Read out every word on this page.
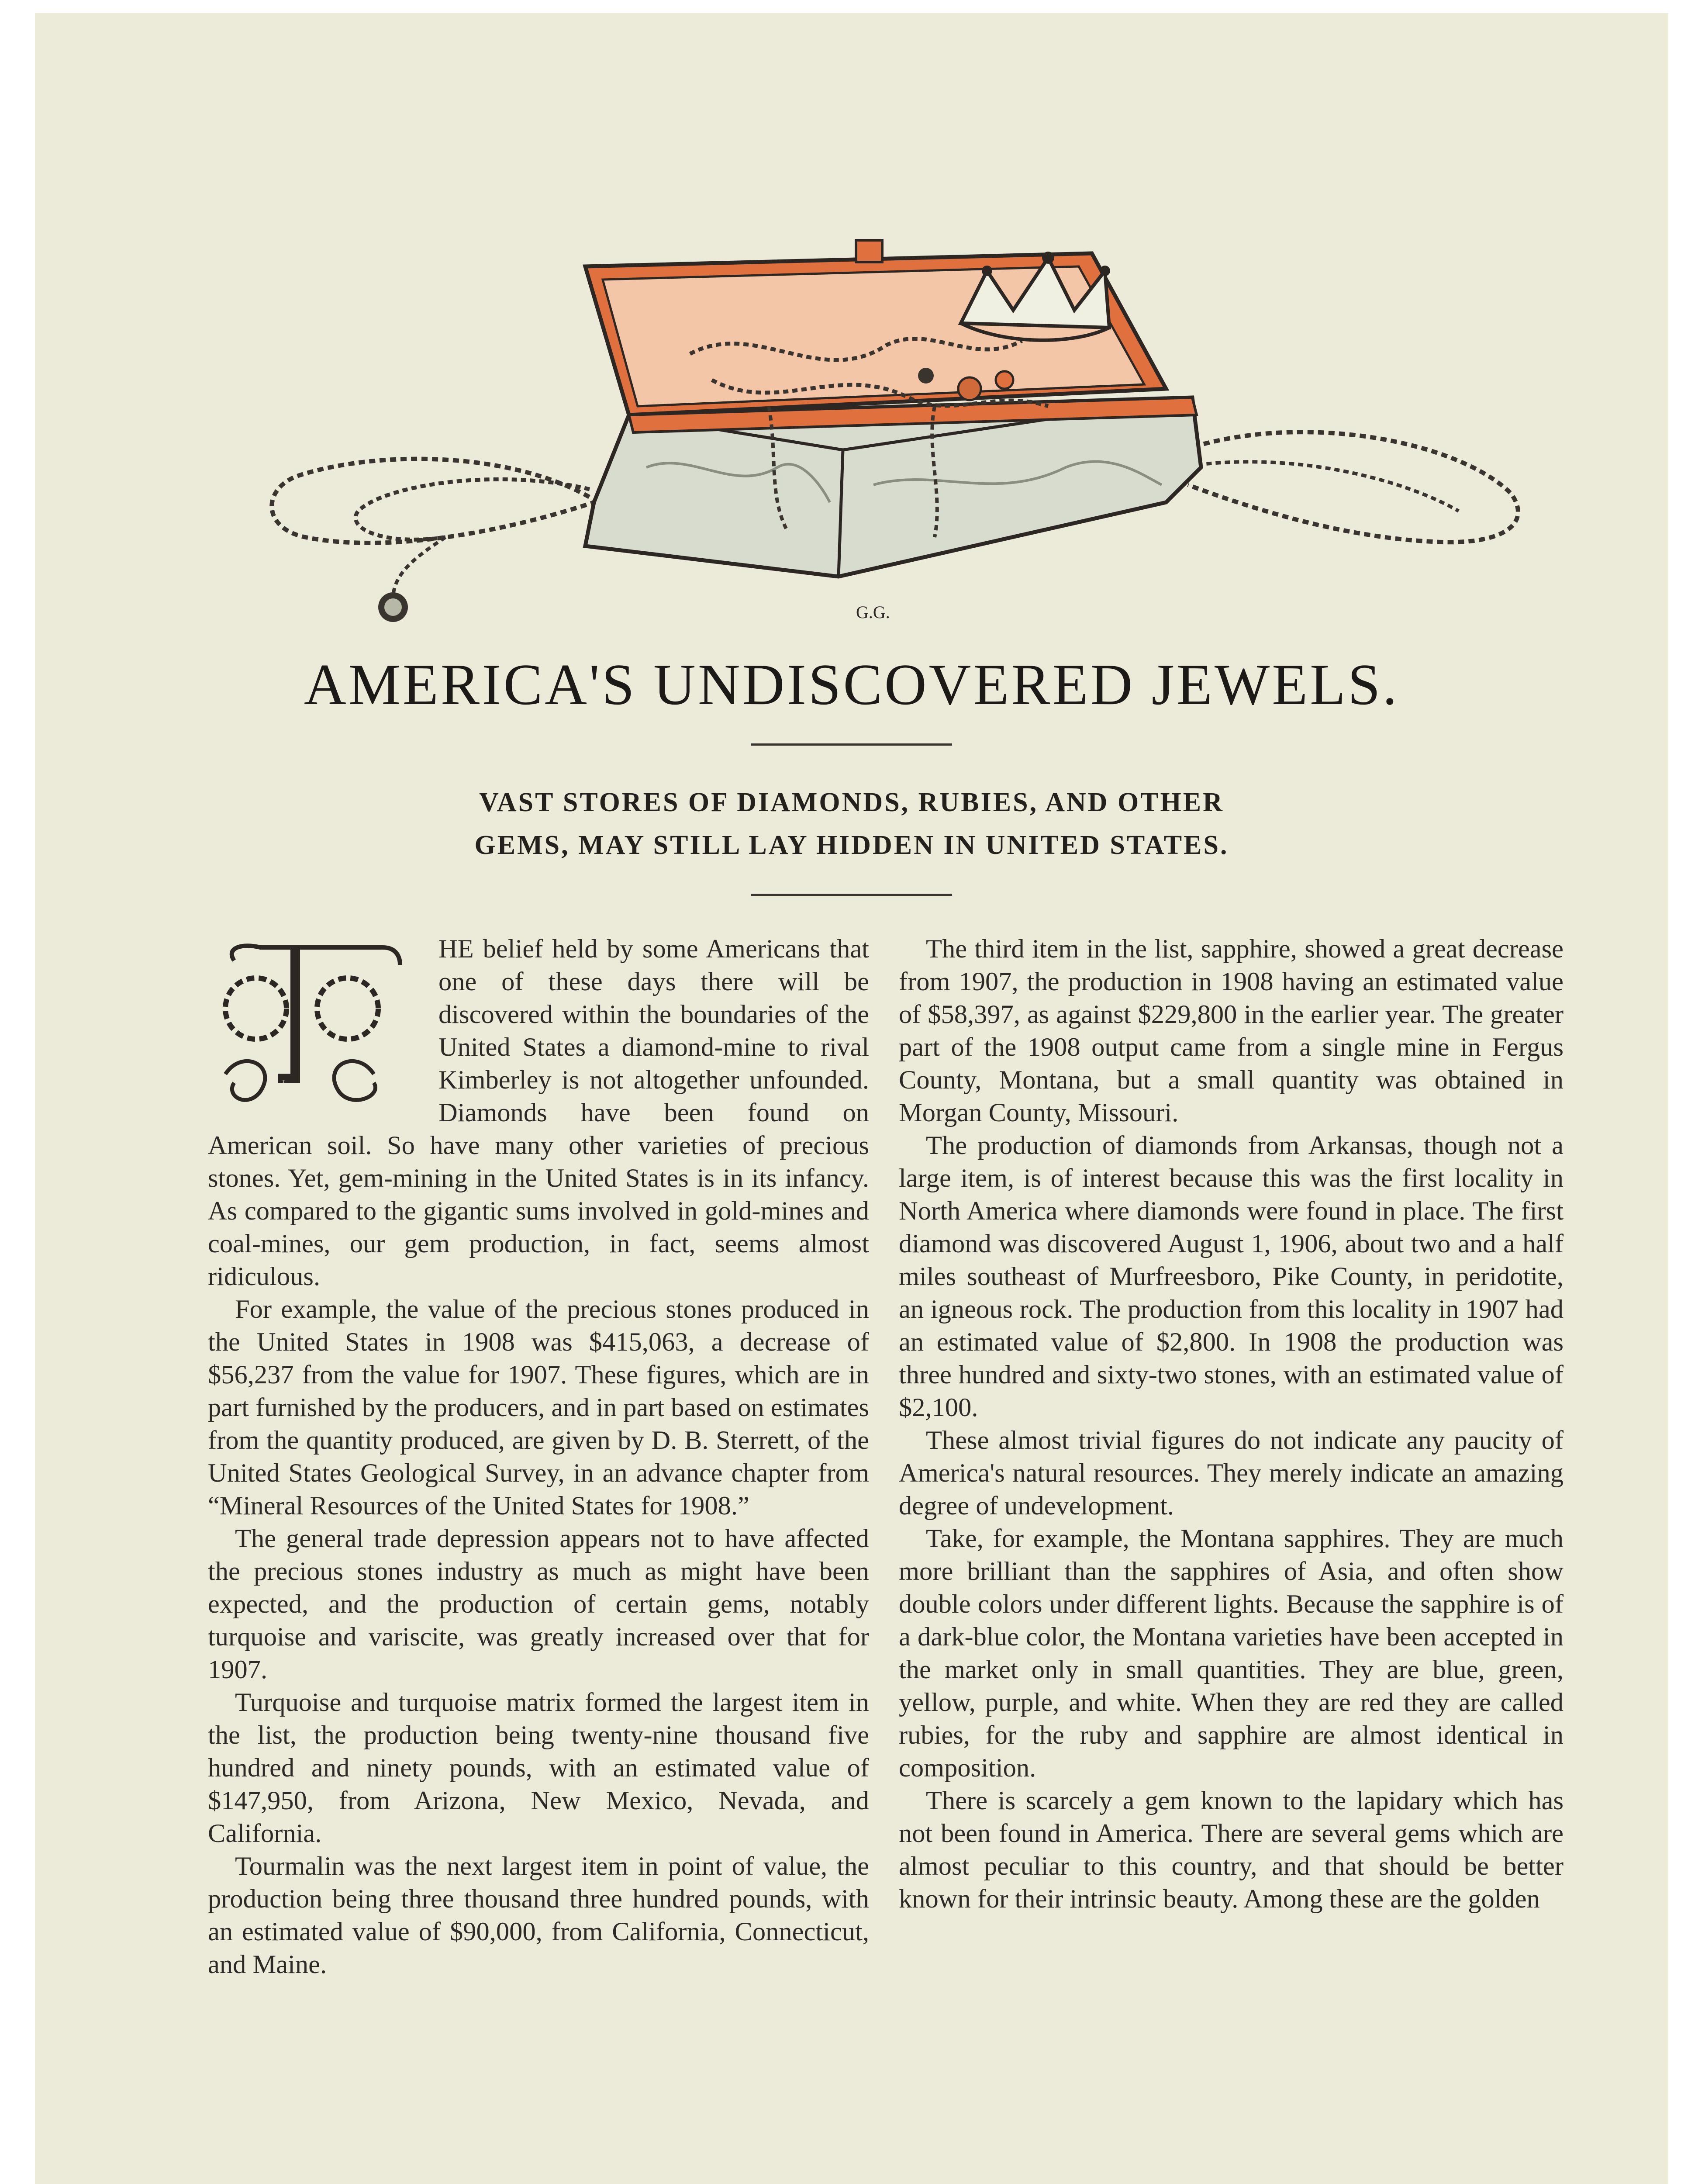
G.G.
AMERICA'S UNDISCOVERED JEWELS.
VAST STORES OF DIAMONDS, RUBIES, AND OTHER
GEMS, MAY STILL LAY HIDDEN IN UNITED STATES.
T

HE belief held by some Americans that one of these days there will be discovered within the boundaries of the United States a diamond-mine to rival Kimberley is not altogether unfounded. Diamonds have been found on American soil. So have many other varieties of precious stones. Yet, gem-mining in the United States is in its infancy. As compared to the gigantic sums involved in gold-mines and coal-mines, our gem production, in fact, seems almost ridiculous.

For example, the value of the precious stones produced in the United States in 1908 was $415,063, a decrease of $56,237 from the value for 1907. These figures, which are in part furnished by the producers, and in part based on estimates from the quantity produced, are given by D. B. Sterrett, of the United States Geological Survey, in an advance chapter from “Mineral Resources of the United States for 1908.”

The general trade depression appears not to have affected the precious stones industry as much as might have been expected, and the production of certain gems, notably turquoise and variscite, was greatly increased over that for 1907.

Turquoise and turquoise matrix formed the largest item in the list, the production being twenty-nine thousand five hundred and ninety pounds, with an estimated value of $147,950, from Arizona, New Mexico, Nevada, and California.

Tourmalin was the next largest item in point of value, the production being three thousand three hundred pounds, with an estimated value of $90,000, from California, Connecticut, and Maine.

The third item in the list, sapphire, showed a great decrease from 1907, the production in 1908 having an estimated value of $58,397, as against $229,800 in the earlier year. The greater part of the 1908 output came from a single mine in Fergus County, Montana, but a small quantity was obtained in Morgan County, Missouri.

The production of diamonds from Arkansas, though not a large item, is of interest because this was the first locality in North America where diamonds were found in place. The first diamond was discovered August 1, 1906, about two and a half miles southeast of Murfreesboro, Pike County, in peridotite, an igneous rock. The production from this locality in 1907 had an estimated value of $2,800. In 1908 the production was three hundred and sixty-two stones, with an estimated value of $2,100.

These almost trivial figures do not indicate any paucity of America's natural resources. They merely indicate an amazing degree of undevelopment.

Take, for example, the Montana sapphires. They are much more brilliant than the sapphires of Asia, and often show double colors under different lights. Because the sapphire is of a dark-blue color, the Montana varieties have been accepted in the market only in small quantities. They are blue, green, yellow, purple, and white. When they are red they are called rubies, for the ruby and sapphire are almost identical in composition.

There is scarcely a gem known to the lapidary which has not been found in America. There are several gems which are almost peculiar to this country, and that should be better known for their intrinsic beauty. Among these are the golden
